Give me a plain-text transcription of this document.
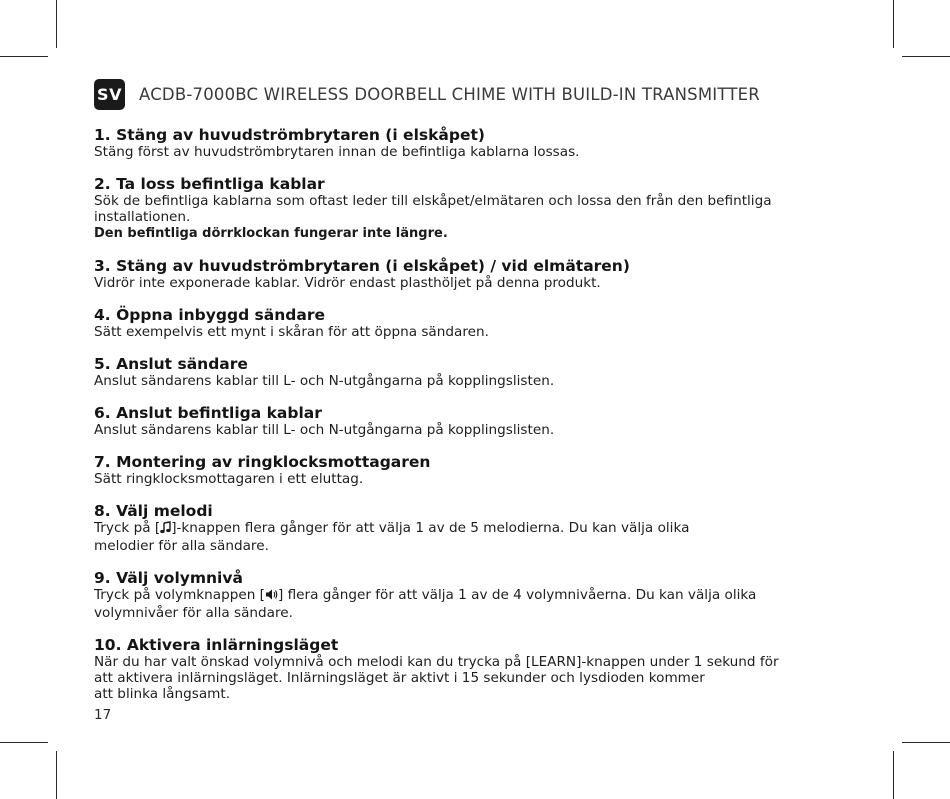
SV ACDB-7000BC WIRELESS DOORBELL CHIME WITH BUILD-IN TRANSMITTER
1. Stäng av huvudströmbrytaren (i elskåpet)
Stäng först av huvudströmbrytaren innan de befintliga kablarna lossas.
2. Ta loss befintliga kablar
Sök de befintliga kablarna som oftast leder till elskåpet/elmätaren och lossa den från den befintliga
installationen.
Den befintliga dörrklockan fungerar inte längre.
3. Stäng av huvudströmbrytaren (i elskåpet) / vid elmätaren)
Vidrör inte exponerade kablar. Vidrör endast plasthöljet på denna produkt.
4. Öppna inbyggd sändare
Sätt exempelvis ett mynt i skåran för att öppna sändaren.
5. Anslut sändare
Anslut sändarens kablar till L- och N-utgångarna på kopplingslisten.
6. Anslut befintliga kablar
Anslut sändarens kablar till L- och N-utgångarna på kopplingslisten.
7. Montering av ringklocksmottagaren
Sätt ringklocksmottagaren i ett eluttag.
8. Välj melodi
Tryck på [ ]-knappen flera gånger för att välja 1 av de 5 melodierna. Du kan välja olika
melodier för alla sändare.
9. Välj volymnivå
Tryck på volymknappen [ ] flera gånger för att välja 1 av de 4 volymnivåerna. Du kan välja olika
volymnivåer för alla sändare.
10. Aktivera inlärningsläget
När du har valt önskad volymnivå och melodi kan du trycka på [LEARN]-knappen under 1 sekund för
att aktivera inlärningsläget. Inlärningsläget är aktivt i 15 sekunder och lysdioden kommer
att blinka långsamt.
17
